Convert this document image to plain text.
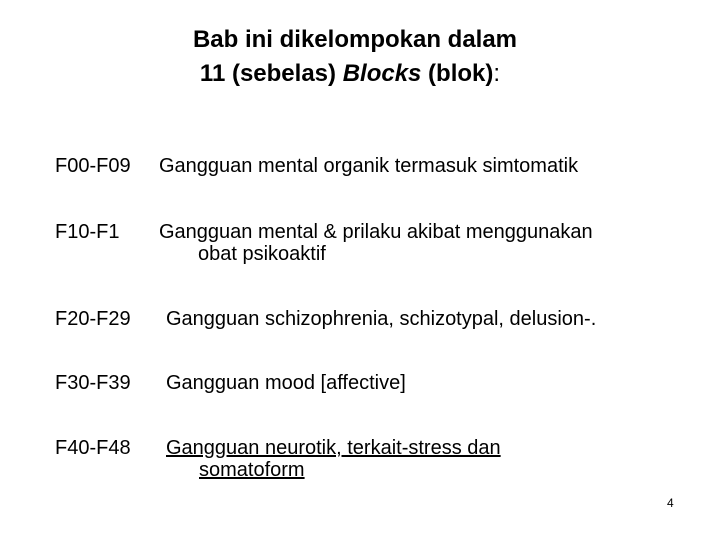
Bab ini dikelompokan dalam
11 (sebelas) Blocks (blok):
F00-F09 Gangguan mental organik termasuk simtomatik
F10-F1 Gangguan mental & prilaku akibat menggunakan
obat psikoaktif
F20-F29 Gangguan schizophrenia, schizotypal, delusion-.
F30-F39 Gangguan mood [affective]
F40-F48 Gangguan neurotik, terkait-stress dan
somatoform
4
